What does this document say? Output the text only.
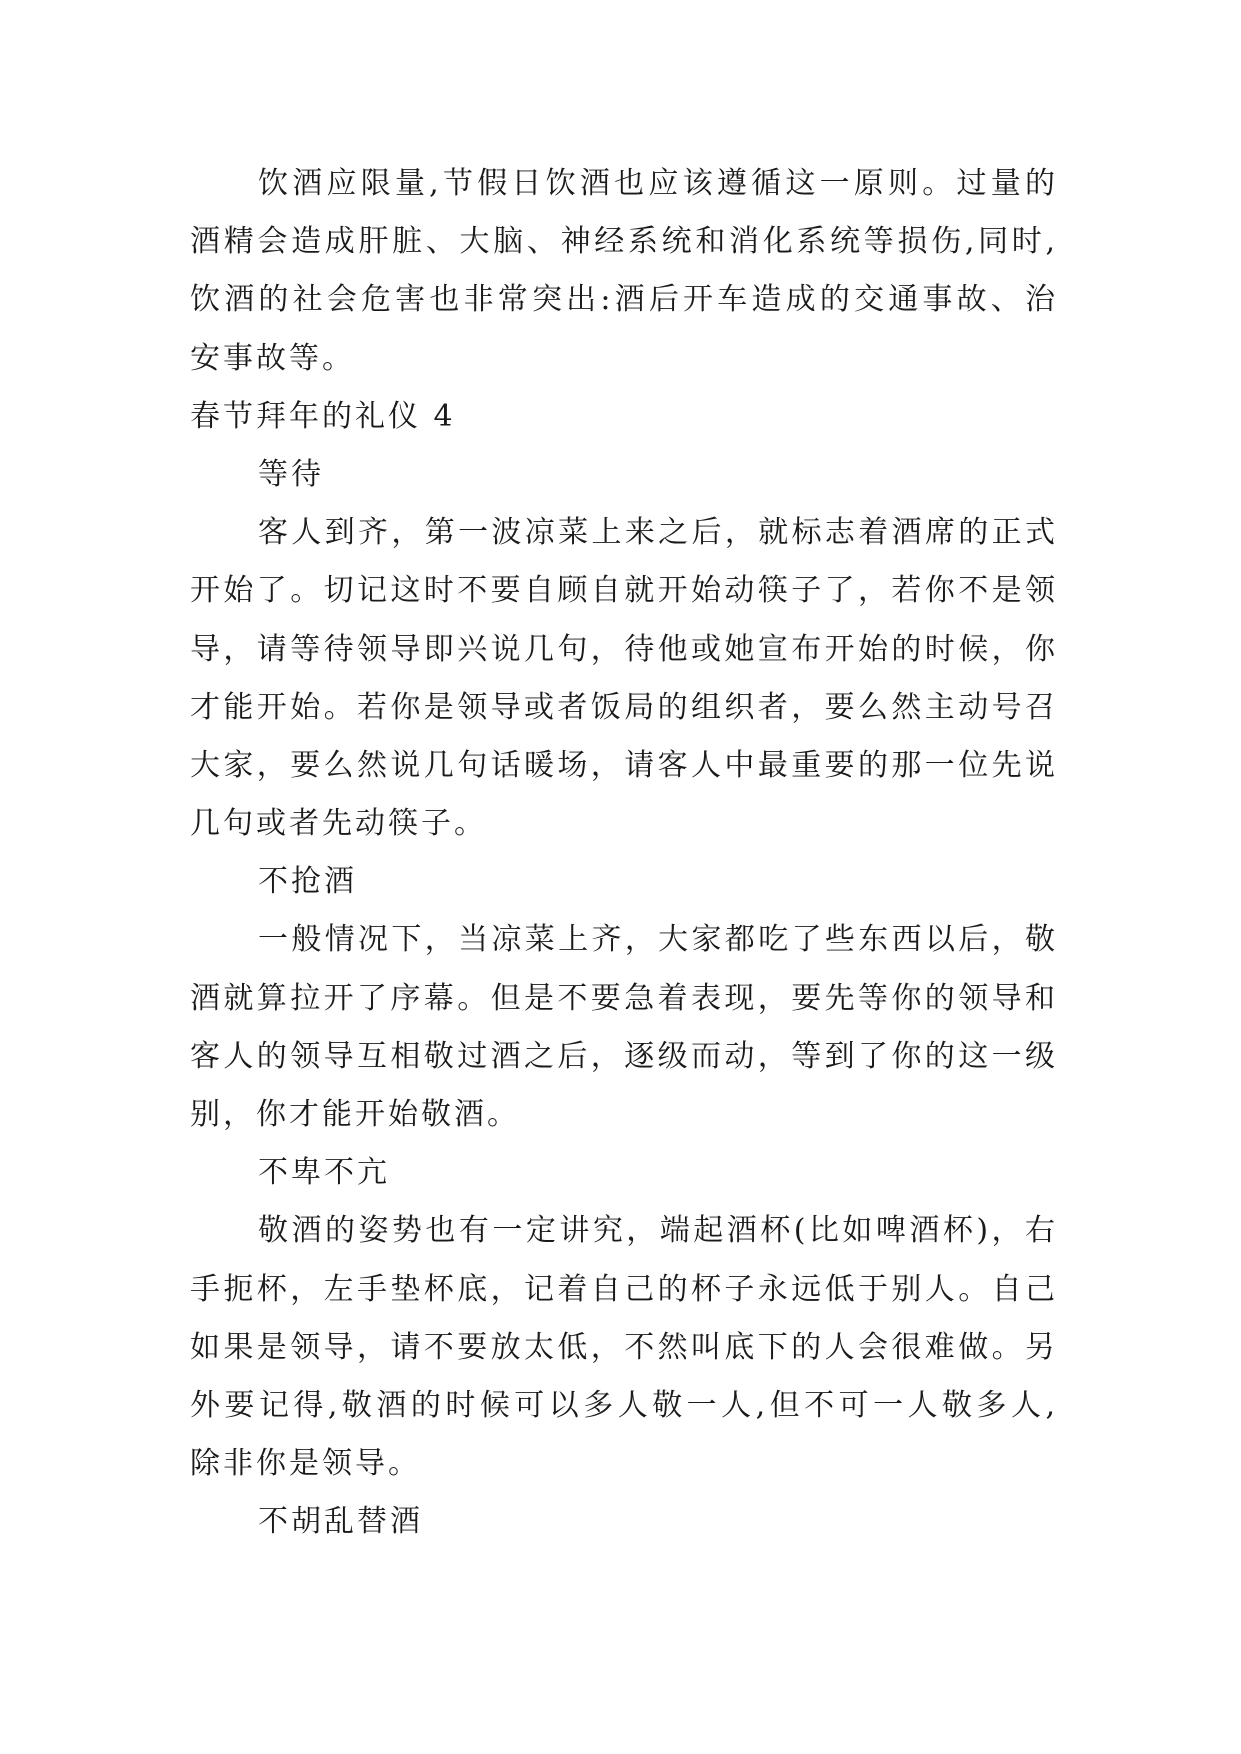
饮酒应限量,节假日饮酒也应该遵循这一原则。过量的
酒精会造成肝脏、大脑、神经系统和消化系统等损伤,同时,
饮酒的社会危害也非常突出:酒后开车造成的交通事故、治
安事故等。
春节拜年的礼仪 4
等待
客人到齐，第一波凉菜上来之后，就标志着酒席的正式
开始了。切记这时不要自顾自就开始动筷子了，若你不是领
导，请等待领导即兴说几句，待他或她宣布开始的时候，你
才能开始。若你是领导或者饭局的组织者，要么然主动号召
大家，要么然说几句话暖场，请客人中最重要的那一位先说
几句或者先动筷子。
不抢酒
一般情况下，当凉菜上齐，大家都吃了些东西以后，敬
酒就算拉开了序幕。但是不要急着表现，要先等你的领导和
客人的领导互相敬过酒之后，逐级而动，等到了你的这一级
别，你才能开始敬酒。
不卑不亢
敬酒的姿势也有一定讲究，端起酒杯(比如啤酒杯)，右
手扼杯，左手垫杯底，记着自己的杯子永远低于别人。自己
如果是领导，请不要放太低，不然叫底下的人会很难做。另
外要记得,敬酒的时候可以多人敬一人,但不可一人敬多人,
除非你是领导。
不胡乱替酒
